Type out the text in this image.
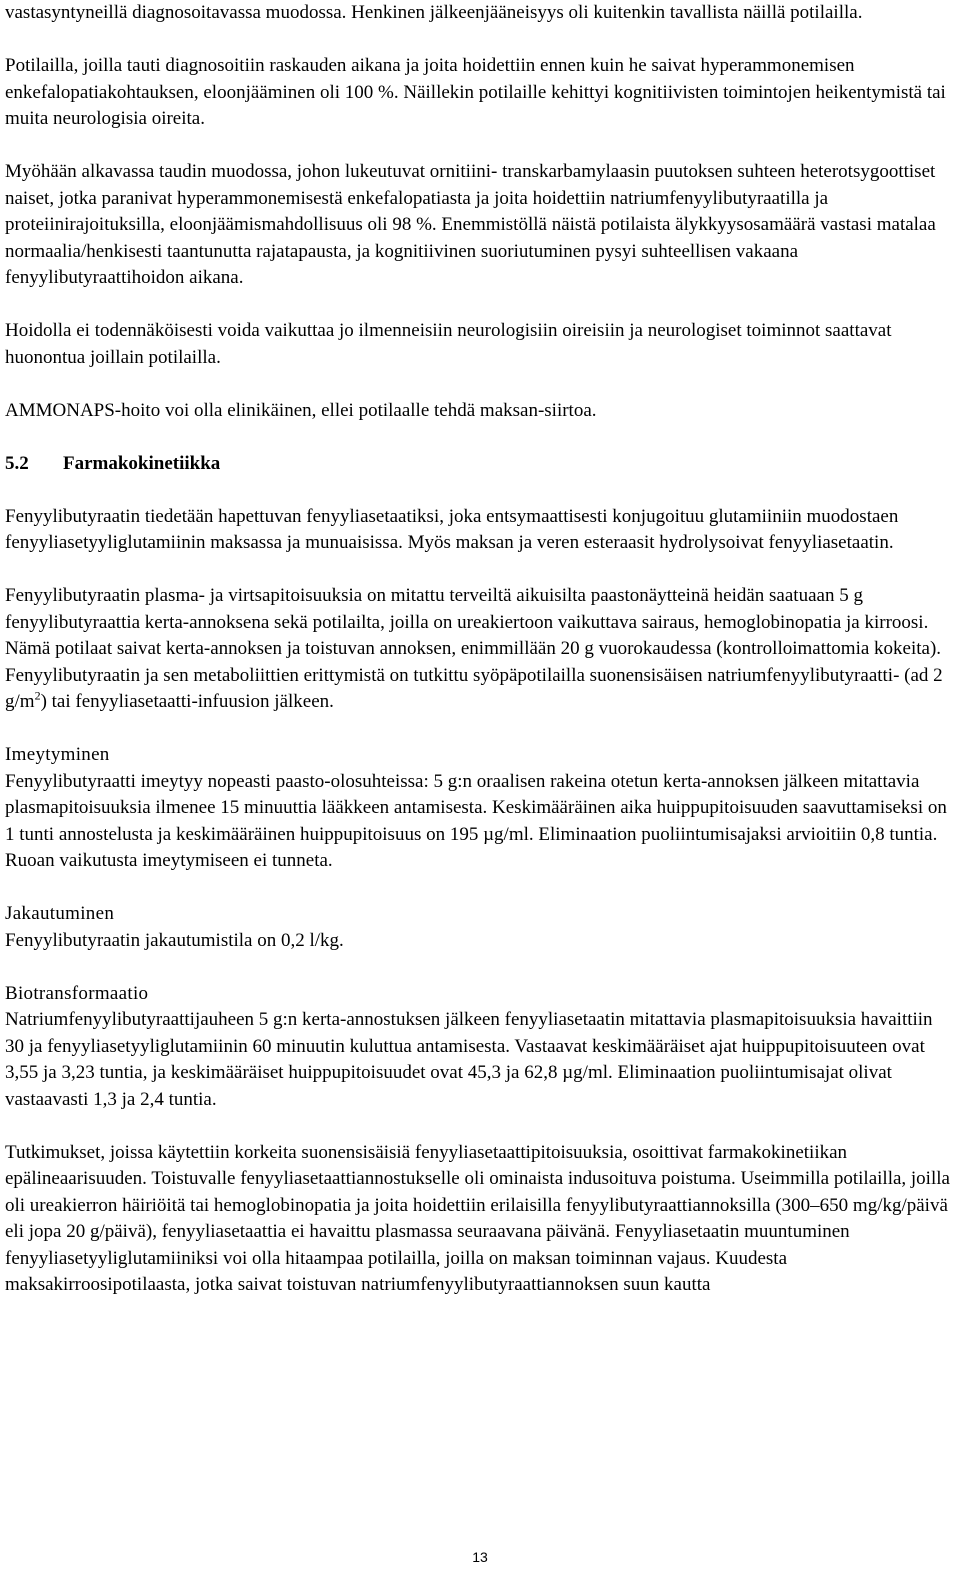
vastasyntyneillä diagnosoitavassa muodossa. Henkinen jälkeenjääneisyys oli kuitenkin tavallista näillä potilailla.

Potilailla, joilla tauti diagnosoitiin raskauden aikana ja joita hoidettiin ennen kuin he saivat hyperammonemisen enkefalopatiakohtauksen, eloonjääminen oli 100 %. Näillekin potilaille kehittyi kognitiivisten toimintojen heikentymistä tai muita neurologisia oireita.

Myöhään alkavassa taudin muodossa, johon lukeutuvat ornitiini- transkarbamylaasin puutoksen suhteen heterotsygoottiset naiset, jotka paranivat hyperammonemisestä enkefalopatiasta ja joita hoidettiin natriumfenyylibutyraatilla ja proteiinirajoituksilla, eloonjäämismahdollisuus oli 98 %. Enemmistöllä näistä potilaista älykkyysosamäärä vastasi matalaa normaalia/henkisesti taantunutta rajatapausta, ja kognitiivinen suoriutuminen pysyi suhteellisen vakaana fenyylibutyraattihoidon aikana.

Hoidolla ei todennäköisesti voida vaikuttaa jo ilmenneisiin neurologisiin oireisiin ja neurologiset toiminnot saattavat huonontua joillain potilailla.

AMMONAPS-hoito voi olla elinikäinen, ellei potilaalle tehdä maksan-siirtoa.

5.2 Farmakokinetiikka

Fenyylibutyraatin tiedetään hapettuvan fenyyliasetaatiksi, joka entsymaattisesti konjugoituu glutamiiniin muodostaen fenyyliasetyyliglutamiinin maksassa ja munuaisissa. Myös maksan ja veren esteraasit hydrolysoivat fenyyliasetaatin.

Fenyylibutyraatin plasma- ja virtsapitoisuuksia on mitattu terveiltä aikuisilta paastonäytteinä heidän saatuaan 5 g fenyylibutyraattia kerta-annoksena sekä potilailta, joilla on ureakiertoon vaikuttava sairaus, hemoglobinopatia ja kirroosi. Nämä potilaat saivat kerta-annoksen ja toistuvan annoksen, enimmillään 20 g vuorokaudessa (kontrolloimattomia kokeita). Fenyylibutyraatin ja sen metaboliittien erittymistä on tutkittu syöpäpotilailla suonensisäisen natriumfenyylibutyraatti- (ad 2 $g/m^2$) tai fenyyliasetaatti-infuusion jälkeen.

Imeytyminen

Fenyylibutyraatti imeytyy nopeasti paasto-olosuhteissa: 5 g:n oraalisen rakeina otetun kerta-annoksen jälkeen mitattavia plasmapitoisuuksia ilmenee 15 minuuttia lääkkeen antamisesta. Keskimääräinen aika huippupitoisuuden saavuttamiseksi on 1 tunti annostelusta ja keskimääräinen huippupitoisuus on 195 µg/ml. Eliminaation puoliintumisajaksi arvioitiin 0,8 tuntia. Ruoan vaikutusta imeytymiseen ei tunneta.

Jakautuminen

Fenyylibutyraatin jakautumistila on 0,2 l/kg.

Biotransformaatio

Natriumfenyylibutyraattijauheen 5 g:n kerta-annostuksen jälkeen fenyyliasetaatin mitattavia plasmapitoisuuksia havaittiin 30 ja fenyyliasetyyliglutamiinin 60 minuutin kuluttua antamisesta. Vastaavat keskimääräiset ajat huippupitoisuuteen ovat 3,55 ja 3,23 tuntia, ja keskimääräiset huippupitoisuudet ovat 45,3 ja 62,8 µg/ml. Eliminaation puoliintumisajat olivat vastaavasti 1,3 ja 2,4 tuntia.

Tutkimukset, joissa käytettiin korkeita suonensisäisiä fenyyliasetaattipitoisuuksia, osoittivat farmakokinetiikan epälineaarisuuden. Toistuvalle fenyyliasetaattiannostukselle oli ominaista indusoituva poistuma. Useimmilla potilailla, joilla oli ureakierron häiriöitä tai hemoglobinopatia ja joita hoidettiin erilaisilla fenyylibutyraattiannoksilla (300–650 mg/kg/päivä eli jopa 20 g/päivä), fenyyliasetaattia ei havaittu plasmassa seuraavana päivänä. Fenyyliasetaatin muuntuminen fenyyliasetyyliglutamiiniksi voi olla hitaampaa potilailla, joilla on maksan toiminnan vajaus. Kuudesta maksakirroosipotilaasta, jotka saivat toistuvan natriumfenyylibutyraattiannoksen suun kautta

13
